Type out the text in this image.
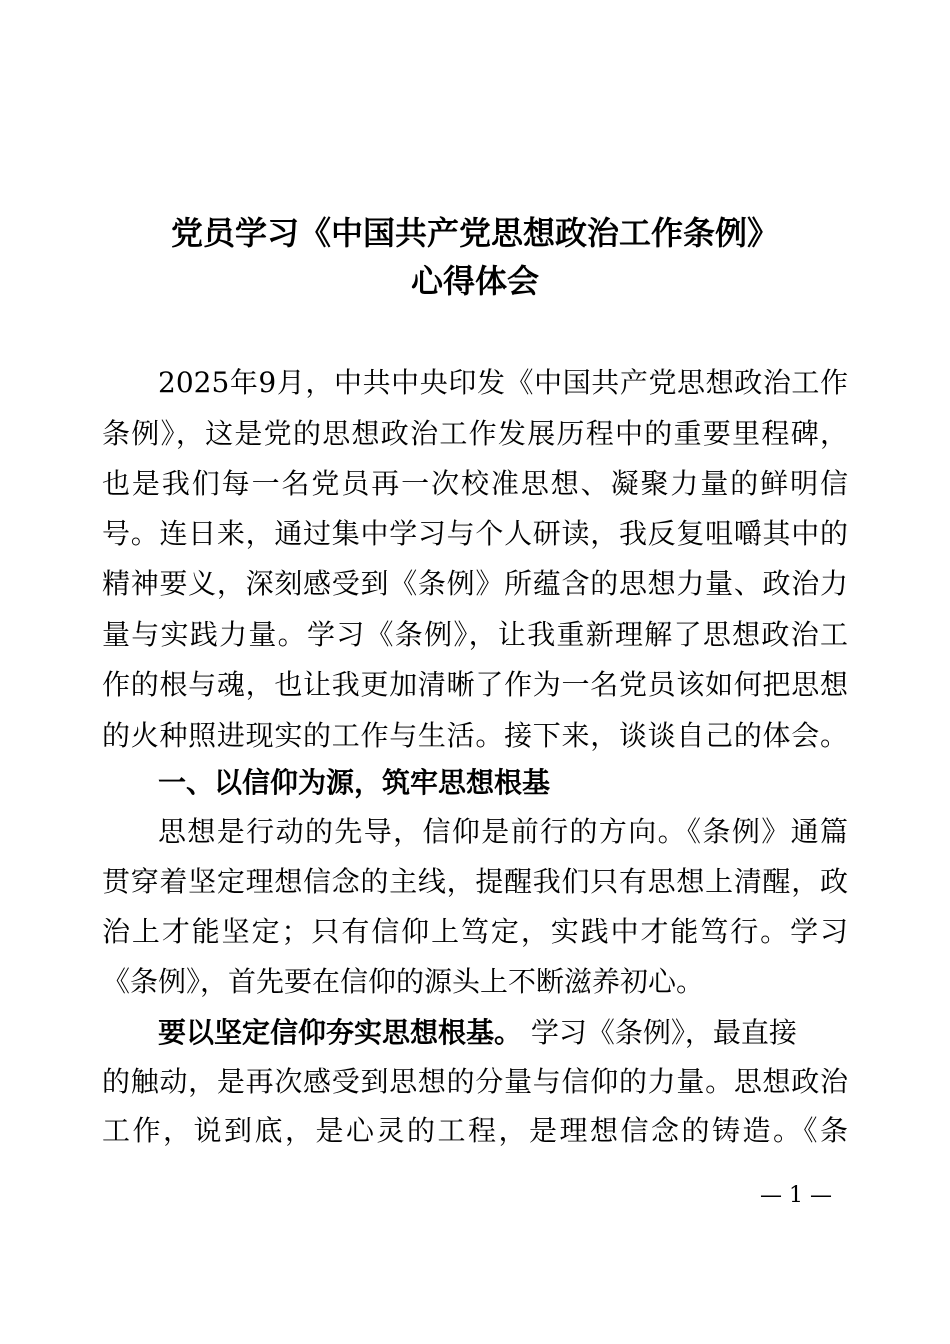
党员学习《中国共产党思想政治工作条例》
心得体会
2025年9月，中共中央印发《中国共产党思想政治工作
条例》，这是党的思想政治工作发展历程中的重要里程碑，
也是我们每一名党员再一次校准思想、凝聚力量的鲜明信
号。连日来，通过集中学习与个人研读，我反复咀嚼其中的
精神要义，深刻感受到《条例》所蕴含的思想力量、政治力
量与实践力量。学习《条例》，让我重新理解了思想政治工
作的根与魂，也让我更加清晰了作为一名党员该如何把思想
的火种照进现实的工作与生活。接下来，谈谈自己的体会。
一、以信仰为源，筑牢思想根基
思想是行动的先导，信仰是前行的方向。《条例》通篇
贯穿着坚定理想信念的主线，提醒我们只有思想上清醒，政
治上才能坚定；只有信仰上笃定，实践中才能笃行。学习
《条例》，首先要在信仰的源头上不断滋养初心。
要以坚定信仰夯实思想根基。 学习《条例》，最直接
的触动，是再次感受到思想的分量与信仰的力量。思想政治
工作，说到底，是心灵的工程，是理想信念的铸造。《条
— 1 —
